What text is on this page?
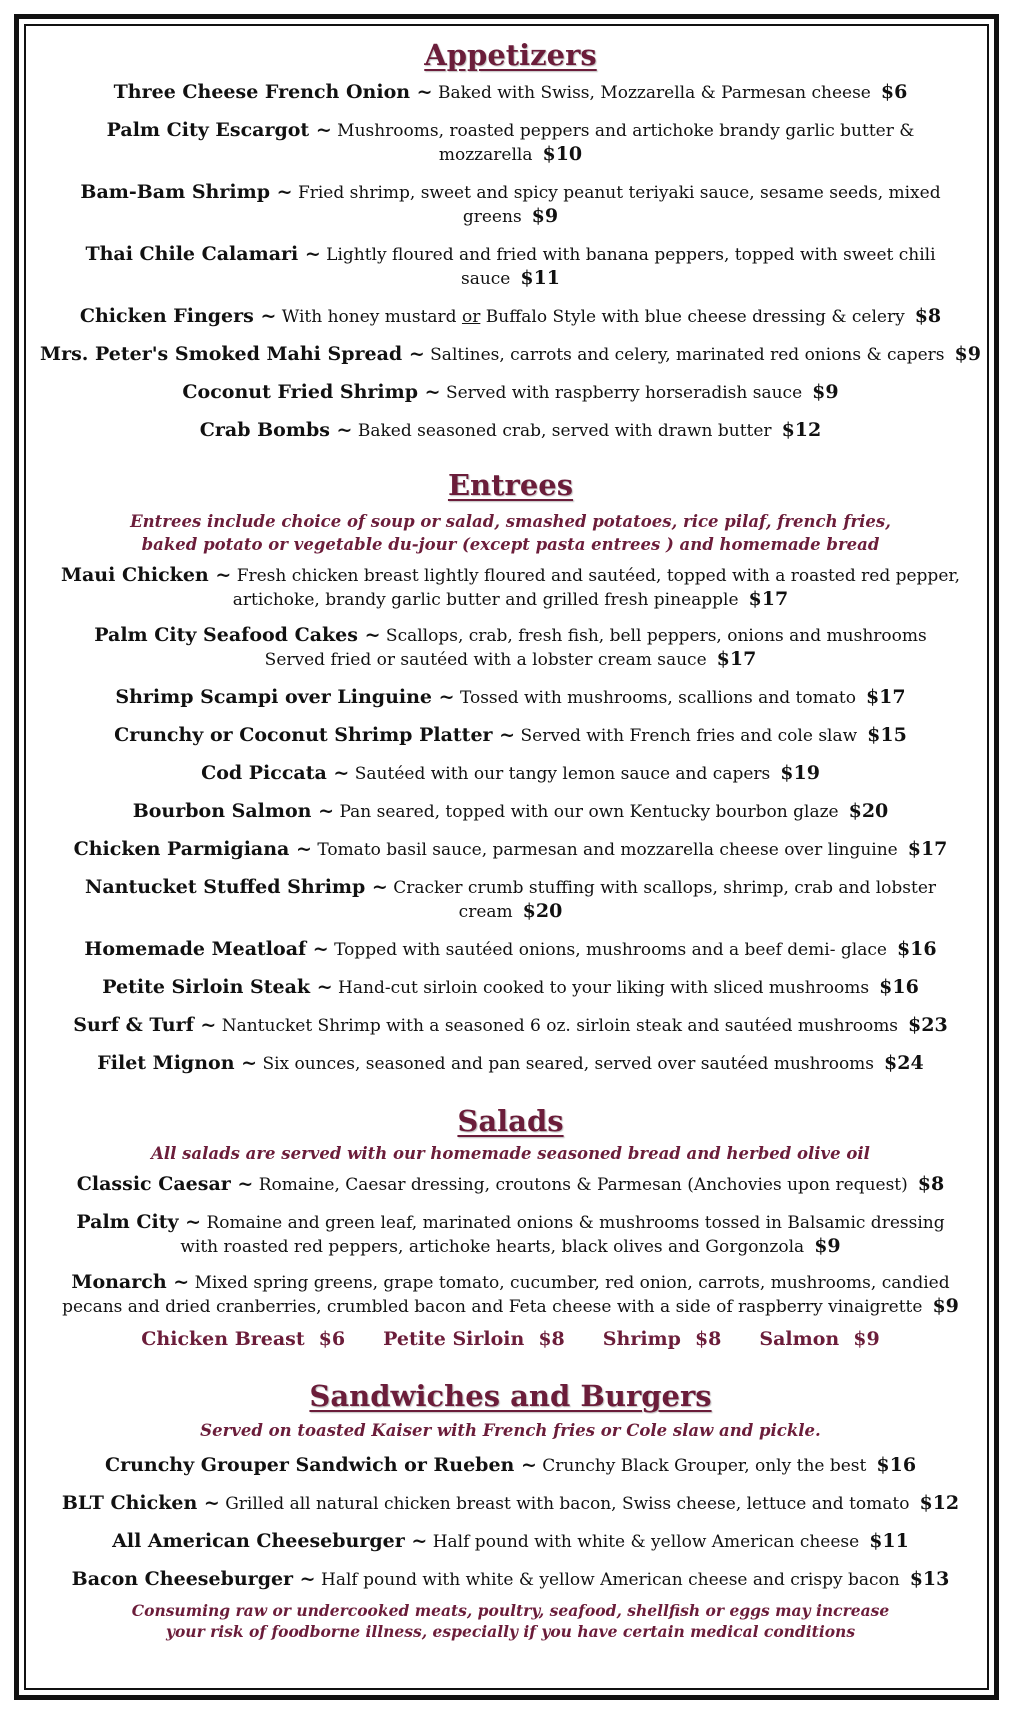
Appetizers

Three Cheese French Onion ~ Baked with Swiss, Mozzarella & Parmesan cheese $6

Palm City Escargot ~ Mushrooms, roasted peppers and artichoke brandy garlic butter & mozzarella $10

Bam-Bam Shrimp ~ Fried shrimp, sweet and spicy peanut teriyaki sauce, sesame seeds, mixed greens $9

Thai Chile Calamari ~ Lightly floured and fried with banana peppers, topped with sweet chili sauce $11

Chicken Fingers ~ With honey mustard or Buffalo Style with blue cheese dressing & celery $8

Mrs. Peter's Smoked Mahi Spread ~ Saltines, carrots and celery, marinated red onions & capers $9

Coconut Fried Shrimp ~ Served with raspberry horseradish sauce $9

Crab Bombs ~ Baked seasoned crab, served with drawn butter $12

Entrees

Entrees include choice of soup or salad, smashed potatoes, rice pilaf, french fries,

baked potato or vegetable du-jour (except pasta entrees ) and homemade bread

Maui Chicken ~ Fresh chicken breast lightly floured and sautéed, topped with a roasted red pepper,
artichoke, brandy garlic butter and grilled fresh pineapple $17

Palm City Seafood Cakes ~ Scallops, crab, fresh fish, bell peppers, onions and mushrooms
Served fried or sautéed with a lobster cream sauce $17

Shrimp Scampi over Linguine ~ Tossed with mushrooms, scallions and tomato $17

Crunchy or Coconut Shrimp Platter ~ Served with French fries and cole slaw $15

Cod Piccata ~ Sautéed with our tangy lemon sauce and capers $19

Bourbon Salmon ~ Pan seared, topped with our own Kentucky bourbon glaze $20

Chicken Parmigiana ~ Tomato basil sauce, parmesan and mozzarella cheese over linguine $17

Nantucket Stuffed Shrimp ~ Cracker crumb stuffing with scallops, shrimp, crab and lobster cream $20

Homemade Meatloaf ~ Topped with sautéed onions, mushrooms and a beef demi- glace $16

Petite Sirloin Steak ~ Hand-cut sirloin cooked to your liking with sliced mushrooms $16

Surf & Turf ~ Nantucket Shrimp with a seasoned 6 oz. sirloin steak and sautéed mushrooms $23

Filet Mignon ~ Six ounces, seasoned and pan seared, served over sautéed mushrooms $24

Salads

All salads are served with our homemade seasoned bread and herbed olive oil

Classic Caesar ~ Romaine, Caesar dressing, croutons & Parmesan (Anchovies upon request) $8

Palm City ~ Romaine and green leaf, marinated onions & mushrooms tossed in Balsamic dressing
with roasted red peppers, artichoke hearts, black olives and Gorgonzola $9

Monarch ~ Mixed spring greens, grape tomato, cucumber, red onion, carrots, mushrooms, candied
pecans and dried cranberries, crumbled bacon and Feta cheese with a side of raspberry vinaigrette $9

Chicken Breast $6 Petite Sirloin $8 Shrimp $8 Salmon $9
Sandwiches and Burgers

Served on toasted Kaiser with French fries or Cole slaw and pickle.

Crunchy Grouper Sandwich or Rueben ~ Crunchy Black Grouper, only the best $16

BLT Chicken ~ Grilled all natural chicken breast with bacon, Swiss cheese, lettuce and tomato $12

All American Cheeseburger ~ Half pound with white & yellow American cheese $11

Bacon Cheeseburger ~ Half pound with white & yellow American cheese and crispy bacon $13

Consuming raw or undercooked meats, poultry, seafood, shellfish or eggs may increase

your risk of foodborne illness, especially if you have certain medical conditions
